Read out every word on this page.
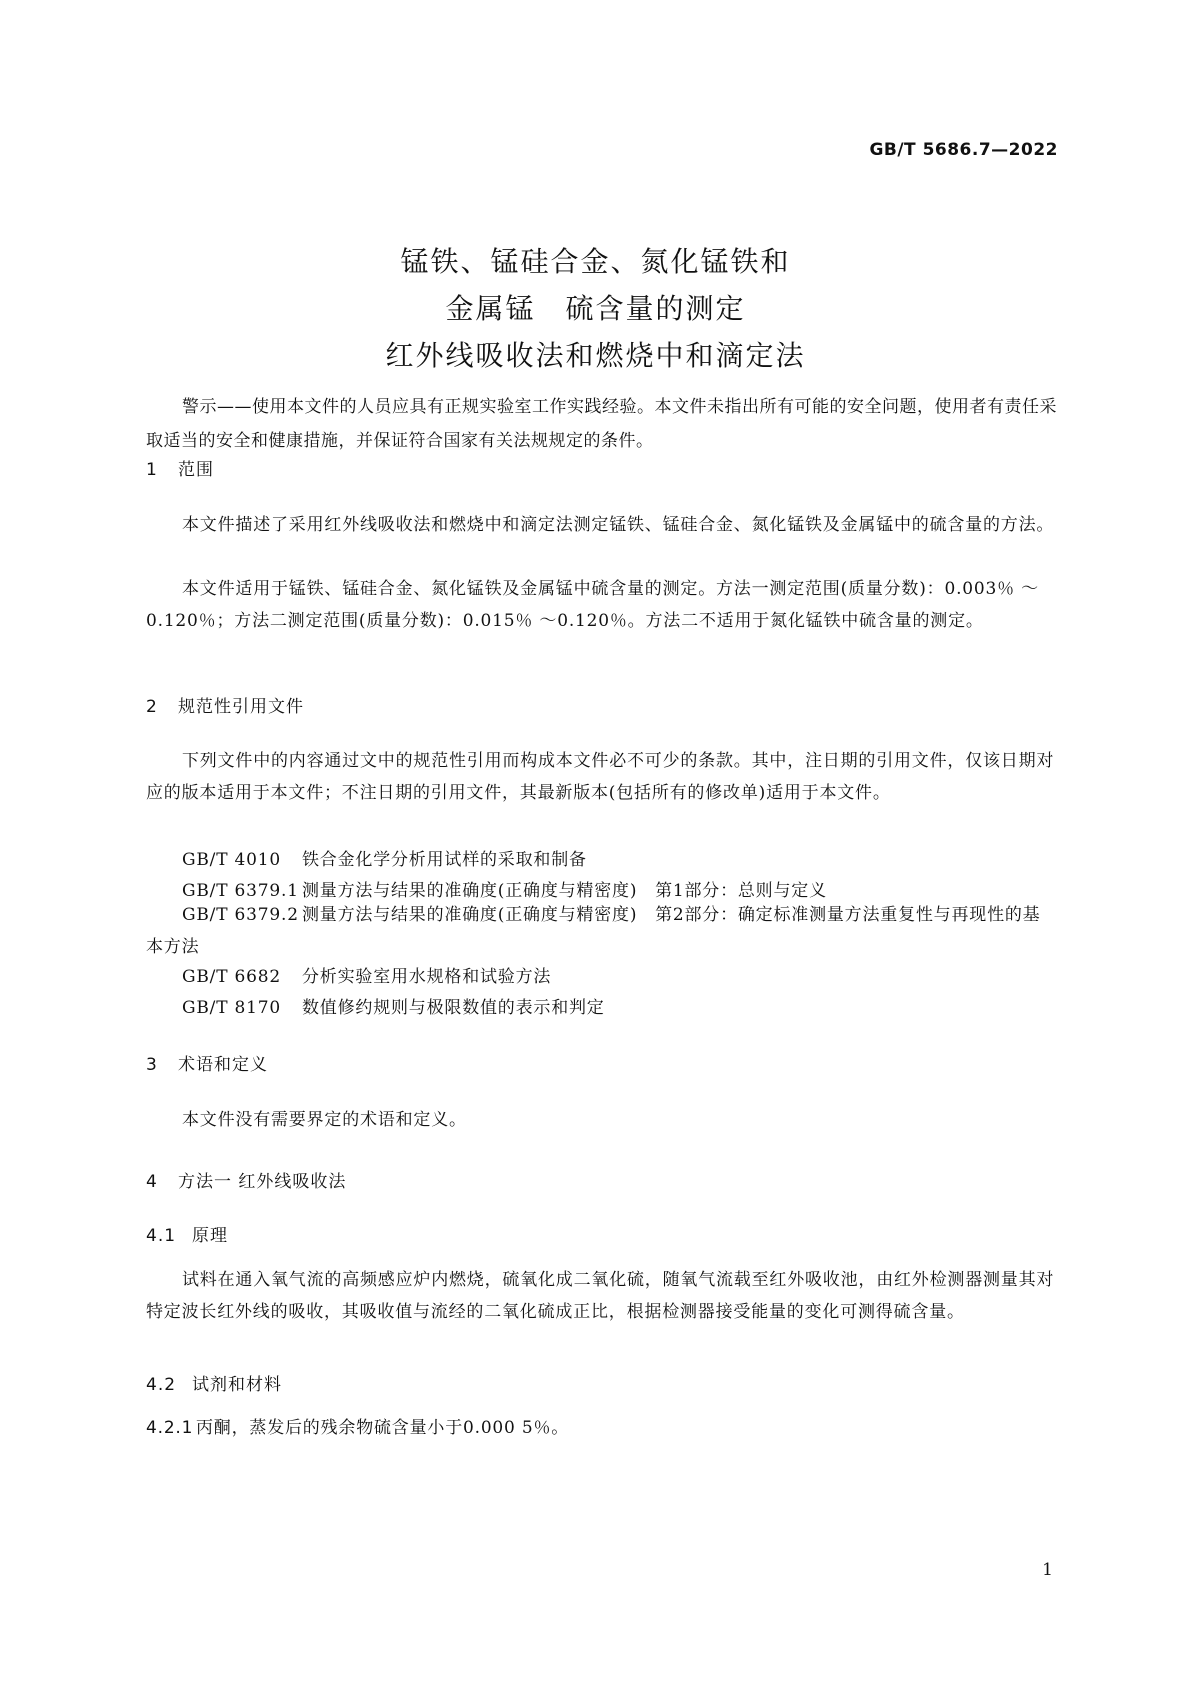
GB/T 5686.7—2022
锰铁、锰硅合金、氮化锰铁和
金属锰　硫含量的测定
红外线吸收法和燃烧中和滴定法
警示——使用本文件的人员应具有正规实验室工作实践经验。本文件未指出所有可能的安全问题，使用者有责任采取适当的安全和健康措施，并保证符合国家有关法规规定的条件。
1 范围

本文件描述了采用红外线吸收法和燃烧中和滴定法测定锰铁、锰硅合金、氮化锰铁及金属锰中的硫含量的方法。

本文件适用于锰铁、锰硅合金、氮化锰铁及金属锰中硫含量的测定。方法一测定范围(质量分数)：0.003％ ～0.120％；方法二测定范围(质量分数)：0.015％ ～0.120％。方法二不适用于氮化锰铁中硫含量的测定。

2 规范性引用文件

下列文件中的内容通过文中的规范性引用而构成本文件必不可少的条款。其中，注日期的引用文件，仅该日期对应的版本适用于本文件；不注日期的引用文件，其最新版本(包括所有的修改单)适用于本文件。

GB/T 4010 铁合金化学分析用试样的采取和制备
GB/T 6379.1 测量方法与结果的准确度(正确度与精密度)　第1部分：总则与定义
GB/T 6379.2 测量方法与结果的准确度(正确度与精密度)　第2部分：确定标准测量方法重复性与再现性的基本方法
GB/T 6682 分析实验室用水规格和试验方法
GB/T 8170 数值修约规则与极限数值的表示和判定
3 术语和定义

本文件没有需要界定的术语和定义。

4 方法一 红外线吸收法
4.1 原理

试料在通入氧气流的高频感应炉内燃烧，硫氧化成二氧化硫，随氧气流载至红外吸收池，由红外检测器测量其对特定波长红外线的吸收，其吸收值与流经的二氧化硫成正比，根据检测器接受能量的变化可测得硫含量。

4.2 试剂和材料
4.2.1 丙酮，蒸发后的残余物硫含量小于0.000 5％。
1
